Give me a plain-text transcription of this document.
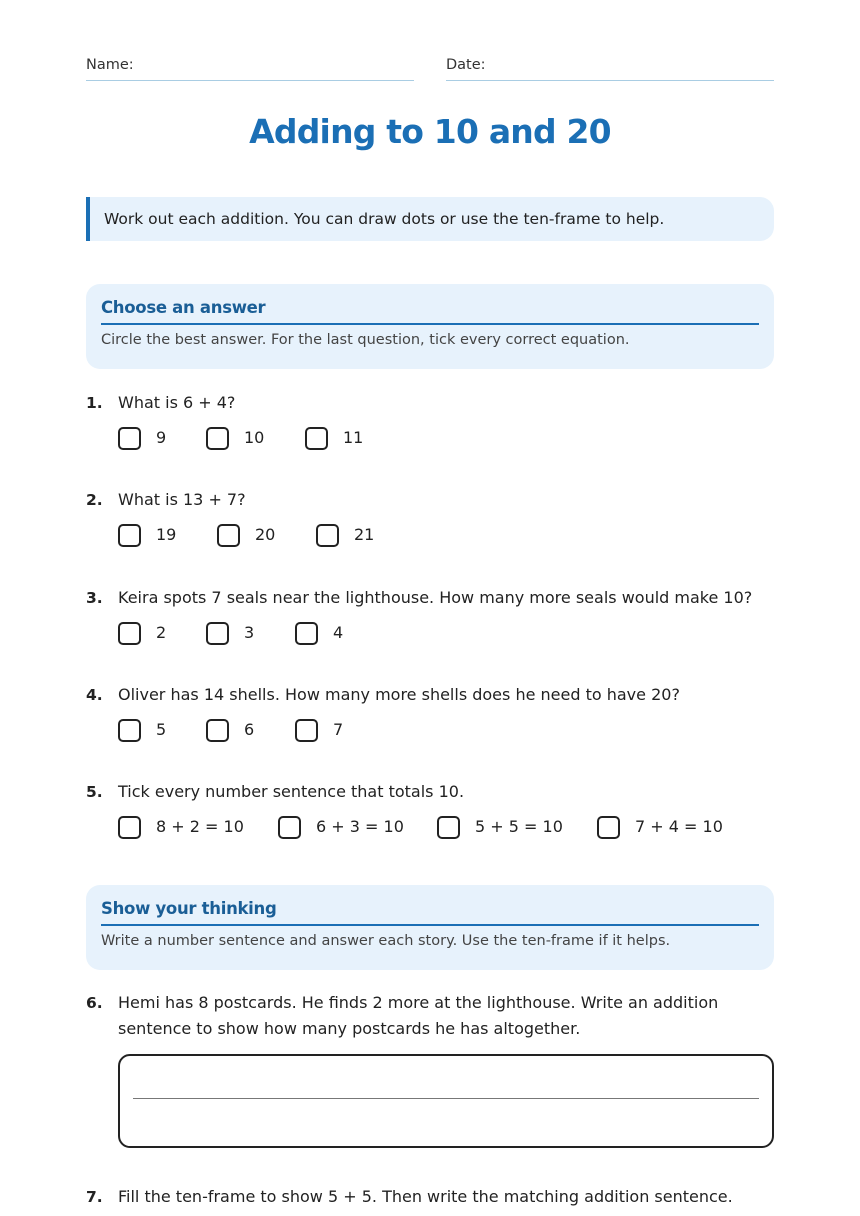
Name:	Date:
Adding to 10 and 20
Work out each addition. You can draw dots or use the ten-frame to help.
Choose an answer
Circle the best answer. For the last question, tick every correct equation.
1. What is 6 + 4?
9	10	11
2. What is 13 + 7?
19	20	21
3. Keira spots 7 seals near the lighthouse. How many more seals would make 10?
2	3	4
4. Oliver has 14 shells. How many more shells does he need to have 20?
5	6	7
5. Tick every number sentence that totals 10.
8 + 2 = 10	6 + 3 = 10	5 + 5 = 10	7 + 4 = 10
Show your thinking
Write a number sentence and answer each story. Use the ten-frame if it helps.
6. Hemi has 8 postcards. He finds 2 more at the lighthouse. Write an addition sentence to show how many postcards he has altogether.
7. Fill the ten-frame to show 5 + 5. Then write the matching addition sentence.
